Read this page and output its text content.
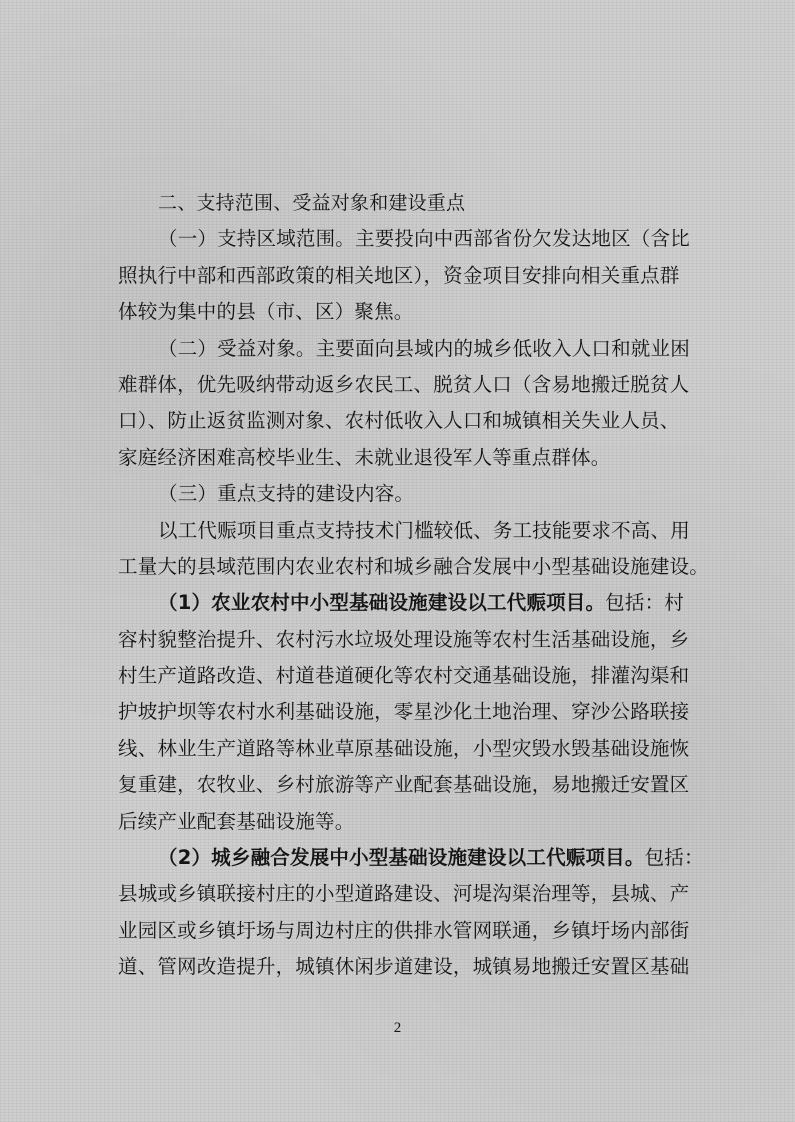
二、支持范围、受益对象和建设重点
（一）支持区域范围。主要投向中西部省份欠发达地区（含比
照执行中部和西部政策的相关地区），资金项目安排向相关重点群
体较为集中的县（市、区）聚焦。
（二）受益对象。主要面向县域内的城乡低收入人口和就业困
难群体，优先吸纳带动返乡农民工、脱贫人口（含易地搬迁脱贫人
口）、防止返贫监测对象、农村低收入人口和城镇相关失业人员、
家庭经济困难高校毕业生、未就业退役军人等重点群体。
（三）重点支持的建设内容。
以工代赈项目重点支持技术门槛较低、务工技能要求不高、用
工量大的县域范围内农业农村和城乡融合发展中小型基础设施建设。
（1）农业农村中小型基础设施建设以工代赈项目。包括：村
容村貌整治提升、农村污水垃圾处理设施等农村生活基础设施，乡
村生产道路改造、村道巷道硬化等农村交通基础设施，排灌沟渠和
护坡护坝等农村水利基础设施，零星沙化土地治理、穿沙公路联接
线、林业生产道路等林业草原基础设施，小型灾毁水毁基础设施恢
复重建，农牧业、乡村旅游等产业配套基础设施，易地搬迁安置区
后续产业配套基础设施等。
（2）城乡融合发展中小型基础设施建设以工代赈项目。包括：
县城或乡镇联接村庄的小型道路建设、河堤沟渠治理等，县城、产
业园区或乡镇圩场与周边村庄的供排水管网联通，乡镇圩场内部街
道、管网改造提升，城镇休闲步道建设，城镇易地搬迁安置区基础
2
